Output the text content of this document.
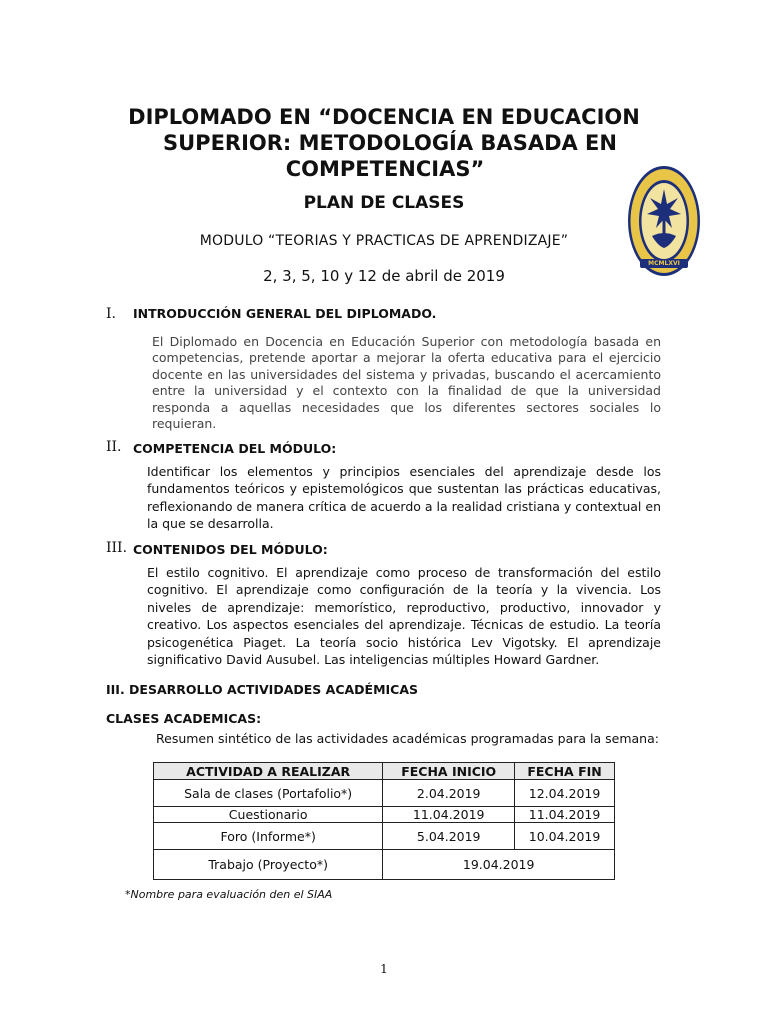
DIPLOMADO EN “DOCENCIA EN EDUCACION
SUPERIOR: METODOLOGÍA BASADA EN
COMPETENCIAS”
PLAN DE CLASES
MODULO “TEORIAS Y PRACTICAS DE APRENDIZAJE”
2, 3, 5, 10 y 12 de abril de 2019
MCMLXVI
I. INTRODUCCIÓN GENERAL DEL DIPLOMADO.
El Diplomado en Docencia en Educación Superior con metodología basada en competencias, pretende aportar a mejorar la oferta educativa para el ejercicio docente en las universidades del sistema y privadas, buscando el acercamiento entre la universidad y el contexto con la finalidad de que la universidad responda a aquellas necesidades que los diferentes sectores sociales lo requieran.
II. COMPETENCIA DEL MÓDULO:
Identificar los elementos y principios esenciales del aprendizaje desde los fundamentos teóricos y epistemológicos que sustentan las prácticas educativas, reflexionando de manera crítica de acuerdo a la realidad cristiana y contextual en la que se desarrolla.
III. CONTENIDOS DEL MÓDULO:
El estilo cognitivo. El aprendizaje como proceso de transformación del estilo cognitivo. El aprendizaje como configuración de la teoría y la vivencia. Los niveles de aprendizaje: memorístico, reproductivo, productivo, innovador y creativo. Los aspectos esenciales del aprendizaje. Técnicas de estudio. La teoría psicogenética Piaget. La teoría socio histórica Lev Vigotsky. El aprendizaje significativo David Ausubel. Las inteligencias múltiples Howard Gardner.
III. DESARROLLO ACTIVIDADES ACADÉMICAS
CLASES ACADEMICAS:
Resumen sintético de las actividades académicas programadas para la semana:
ACTIVIDAD A REALIZAR	FECHA INICIO	FECHA FIN
Sala de clases (Portafolio*)	2.04.2019	12.04.2019
Cuestionario	11.04.2019	11.04.2019
Foro (Informe*)	5.04.2019	10.04.2019
Trabajo (Proyecto*)	19.04.2019	
*Nombre para evaluación den el SIAA
1
